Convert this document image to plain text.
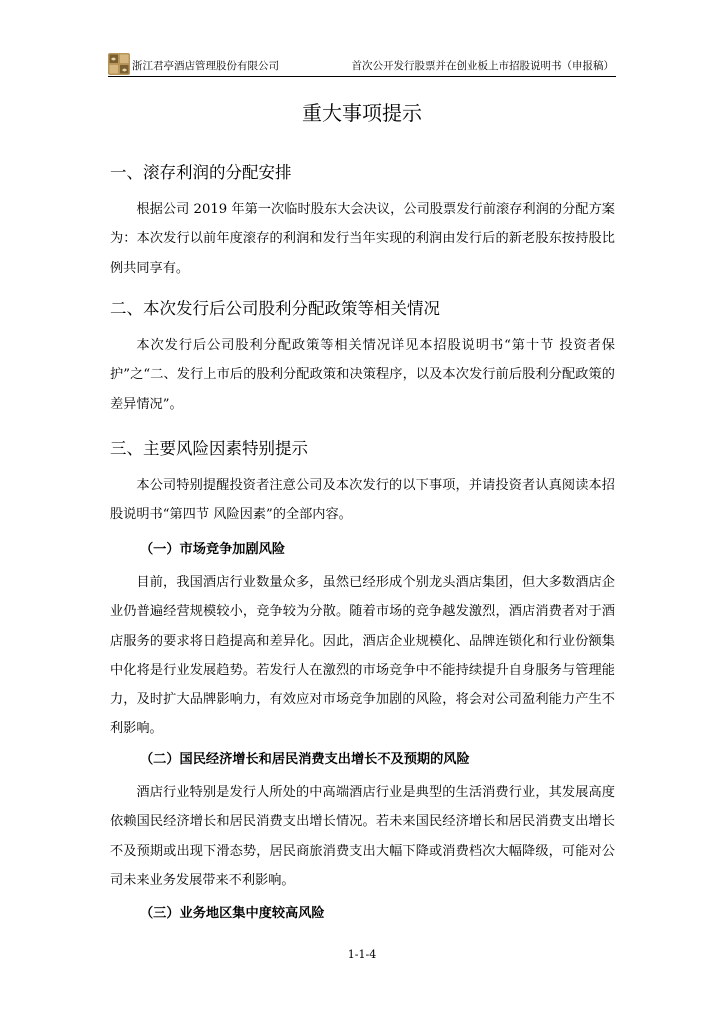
浙江君亭酒店管理股份有限公司	首次公开发行股票并在创业板上市招股说明书（申报稿）
重大事项提示
一、滚存利润的分配安排

根据公司 2019 年第一次临时股东大会决议，公司股票发行前滚存利润的分配方案为：本次发行以前年度滚存的利润和发行当年实现的利润由发行后的新老股东按持股比例共同享有。

二、本次发行后公司股利分配政策等相关情况

本次发行后公司股利分配政策等相关情况详见本招股说明书“第十节 投资者保护”之“二、发行上市后的股利分配政策和决策程序，以及本次发行前后股利分配政策的差异情况”。

三、主要风险因素特别提示

本公司特别提醒投资者注意公司及本次发行的以下事项，并请投资者认真阅读本招股说明书“第四节 风险因素”的全部内容。

（一）市场竞争加剧风险

目前，我国酒店行业数量众多，虽然已经形成个别龙头酒店集团，但大多数酒店企业仍普遍经营规模较小，竞争较为分散。随着市场的竞争越发激烈，酒店消费者对于酒店服务的要求将日趋提高和差异化。因此，酒店企业规模化、品牌连锁化和行业份额集中化将是行业发展趋势。若发行人在激烈的市场竞争中不能持续提升自身服务与管理能力，及时扩大品牌影响力，有效应对市场竞争加剧的风险，将会对公司盈利能力产生不利影响。

（二）国民经济增长和居民消费支出增长不及预期的风险

酒店行业特别是发行人所处的中高端酒店行业是典型的生活消费行业，其发展高度依赖国民经济增长和居民消费支出增长情况。若未来国民经济增长和居民消费支出增长不及预期或出现下滑态势，居民商旅消费支出大幅下降或消费档次大幅降级，可能对公司未来业务发展带来不利影响。

（三）业务地区集中度较高风险
1-1-4
